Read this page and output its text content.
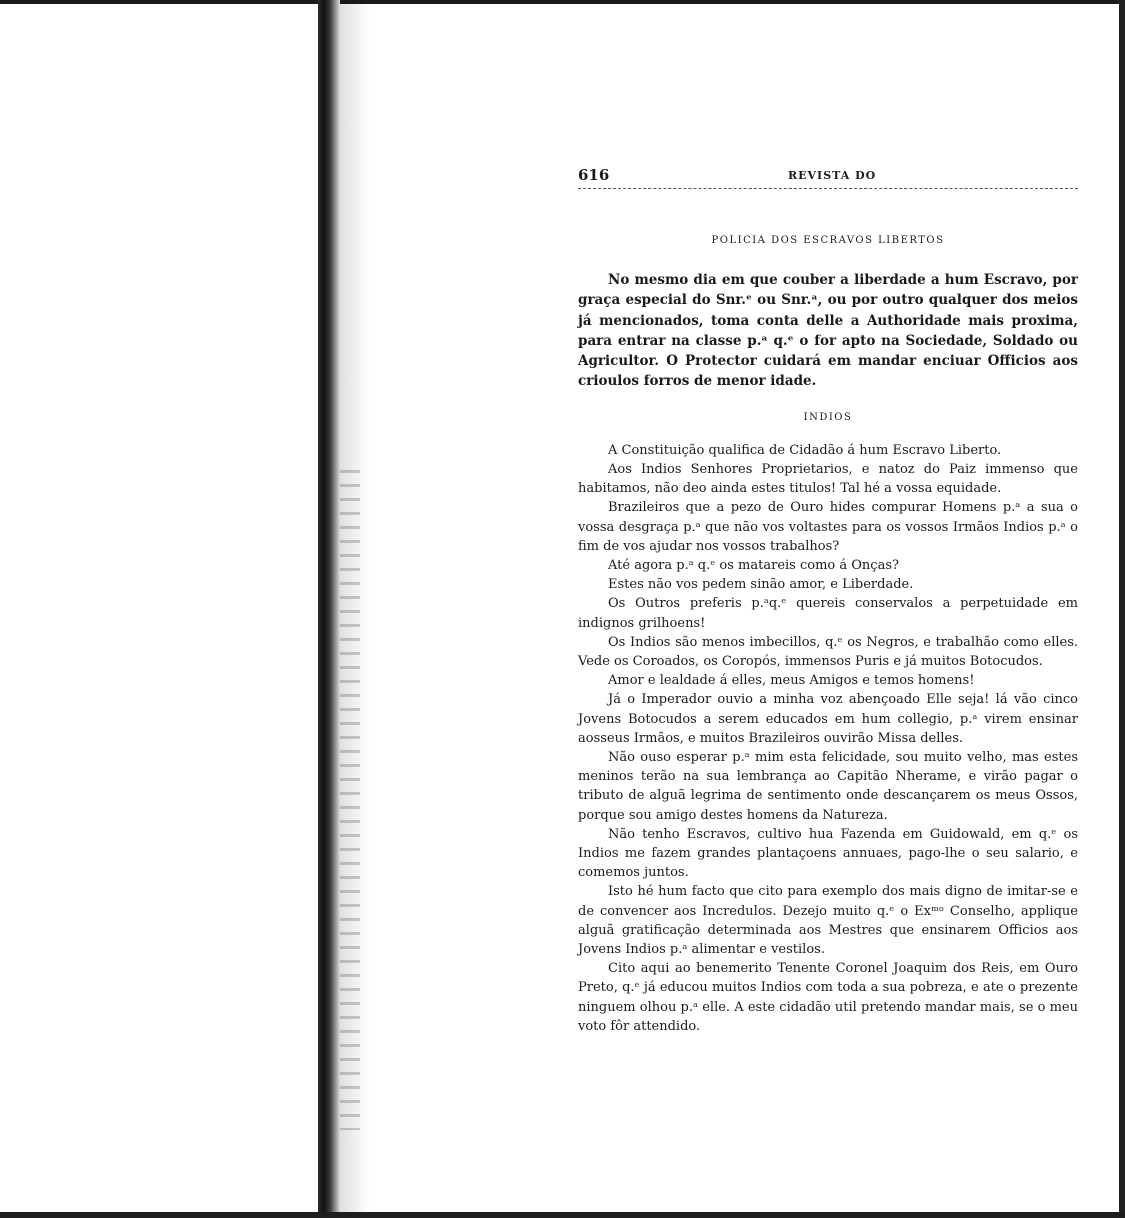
616	REVISTA DO
POLICIA DOS ESCRAVOS LIBERTOS

No mesmo dia em que couber a liberdade a hum Escravo, por graça especial do Snr.ᵉ ou Snr.ᵃ, ou por outro qualquer dos meios já mencionados, toma conta delle a Authoridade mais proxima, para entrar na classe p.ᵃ q.ᵉ o for apto na Sociedade, Soldado ou Agricultor. O Protector cuidará em mandar enciuar Officios aos crioulos forros de menor idade.

INDIOS

A Constituição qualifica de Cidadão á hum Escravo Liberto.

Aos Indios Senhores Proprietarios, e natoz do Paiz immenso que habitamos, não deo ainda estes titulos! Tal hé a vossa equidade.

Brazileiros que a pezo de Ouro hides compurar Homens p.ᵃ a sua o vossa desgraça p.ᵃ que não vos voltastes para os vossos Irmãos Indios p.ᵃ o fim de vos ajudar nos vossos trabalhos?

Até agora p.ᵃ q.ᵉ os matareis como á Onças?

Estes não vos pedem sinão amor, e Liberdade.

Os Outros preferis p.ᵃq.ᵉ quereis conservalos a perpetuidade em indignos grilhoens!

Os Indios são menos imbecillos, q.ᵉ os Negros, e trabalhão como elles. Vede os Coroados, os Coropós, immensos Puris e já muitos Botocudos.

Amor e lealdade á elles, meus Amigos e temos homens!

Já o Imperador ouvio a minha voz abençoado Elle seja! lá vão cinco Jovens Botocudos a serem educados em hum collegio, p.ᵃ virem ensinar aosseus Irmãos, e muitos Brazileiros ouvirão Missa delles.

Não ouso esperar p.ᵃ mim esta felicidade, sou muito velho, mas estes meninos terão na sua lembrança ao Capitão Nherame, e virão pagar o tributo de alguã legrima de sentimento onde descançarem os meus Ossos, porque sou amigo destes homens da Natureza.

Não tenho Escravos, cultivo hua Fazenda em Guidowald, em q.ᵉ os Indios me fazem grandes plantaçoens annuaes, pago-lhe o seu salario, e comemos juntos.

Isto hé hum facto que cito para exemplo dos mais digno de imitar-se e de convencer aos Incredulos. Dezejo muito q.ᵉ o Exᵐᵒ Conselho, applique alguã gratificação determinada aos Mestres que ensinarem Officios aos Jovens Indios p.ᵃ alimentar e vestilos.

Cito aqui ao benemerito Tenente Coronel Joaquim dos Reis, em Ouro Preto, q.ᵉ já educou muitos Indios com toda a sua pobreza, e ate o prezente ninguem olhou p.ᵃ elle. A este cidadão util pretendo mandar mais, se o meu voto fôr attendido.
